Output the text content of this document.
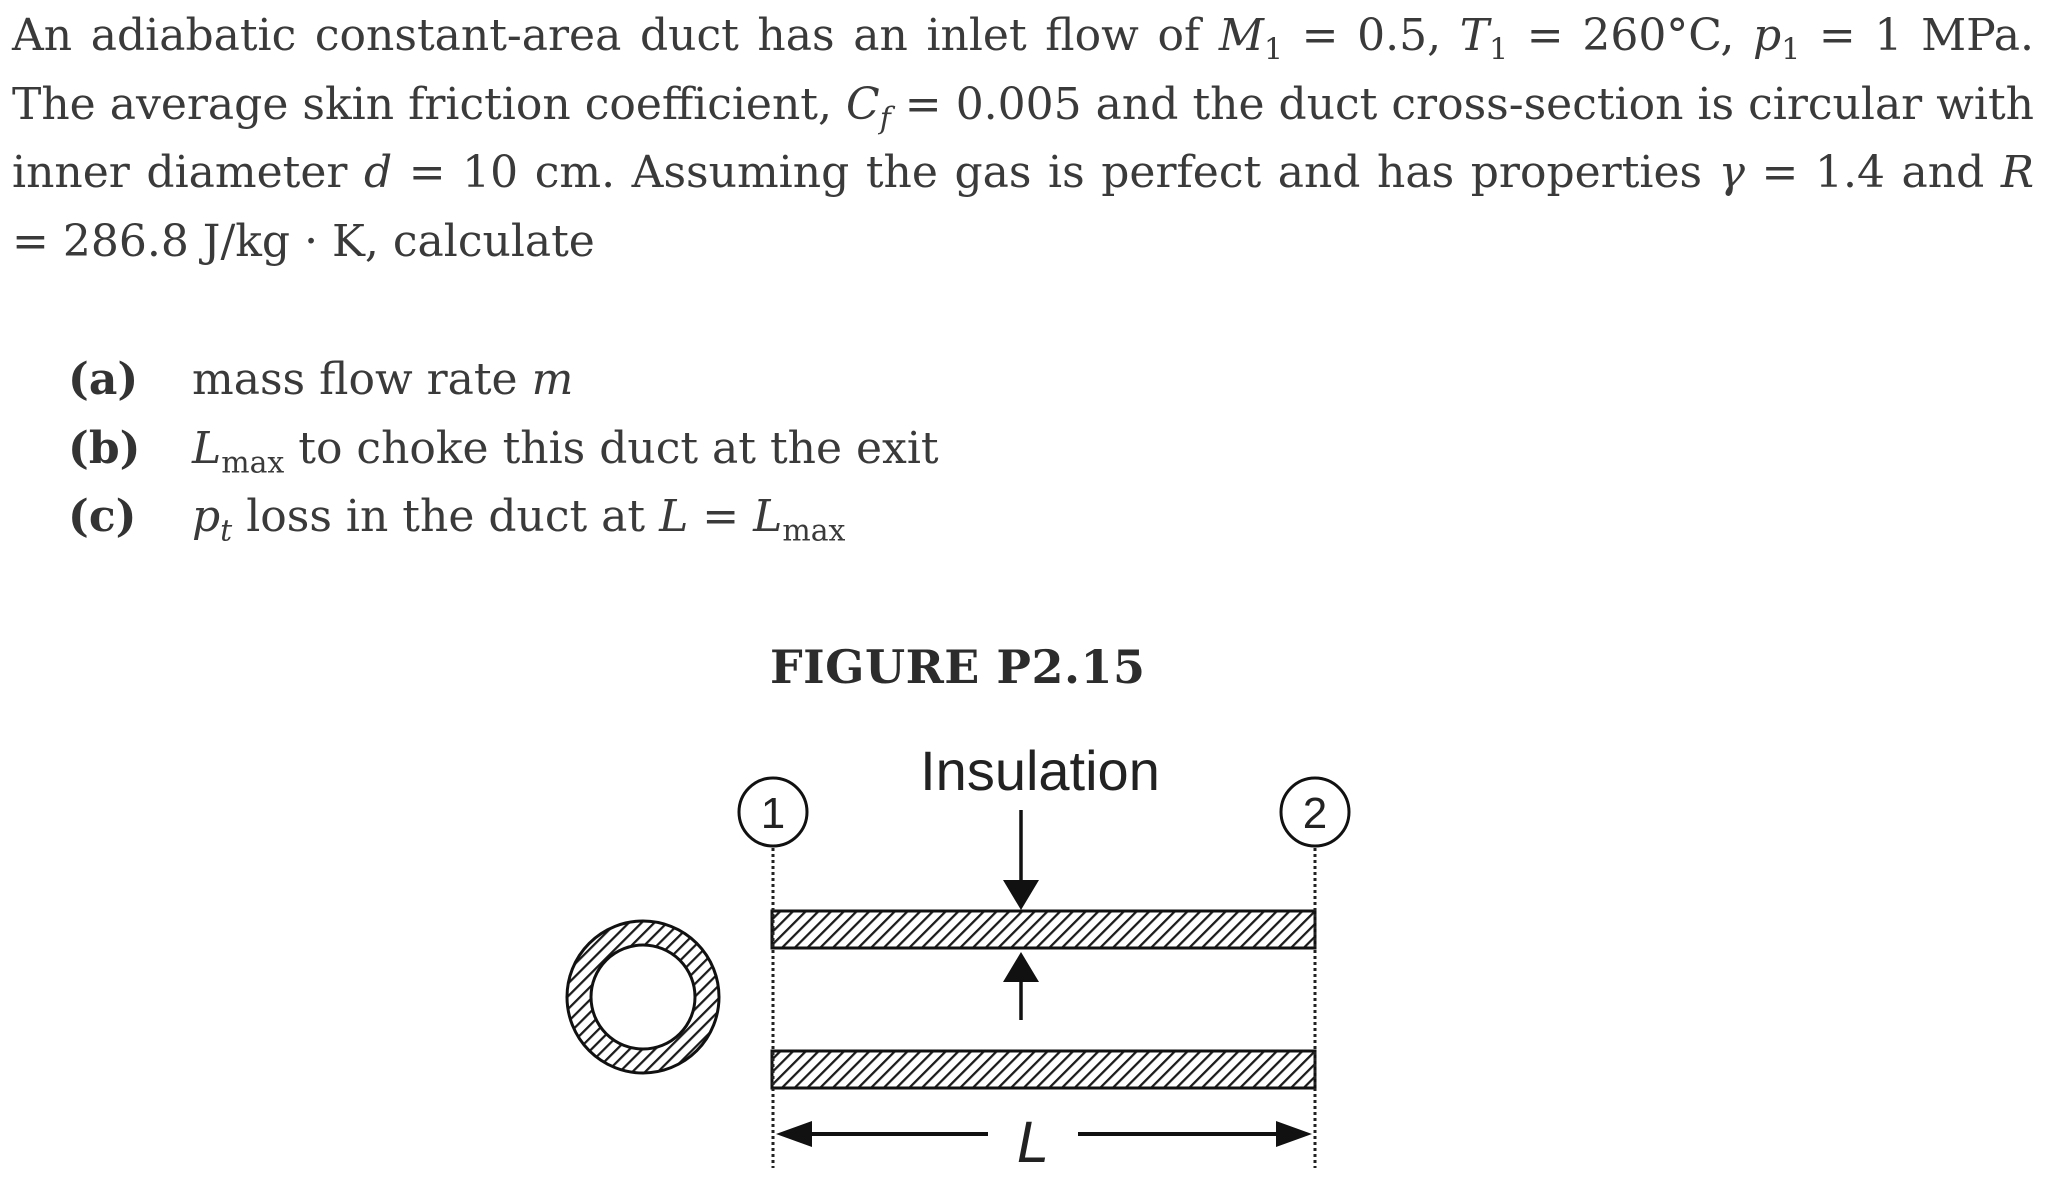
An adiabatic constant-area duct has an inlet flow of $M_1 = 0.5$, $T_1 = 260^\circ C$, $p_1 = 1$ MPa. The average skin friction coefficient, $C_f = 0.005$ and the duct cross-section is circular with inner diameter d = 10 cm. Assuming the gas is perfect and has properties γ = 1.4 and R = 286.8 J/kg · K, calculate

(a) mass flow rate m
(b) $L_{max}$ to choke this duct at the exit
(c) $p_t$ loss in the duct at $L = L_{max}$
FIGURE P2.15
1	2
Insulation
L
